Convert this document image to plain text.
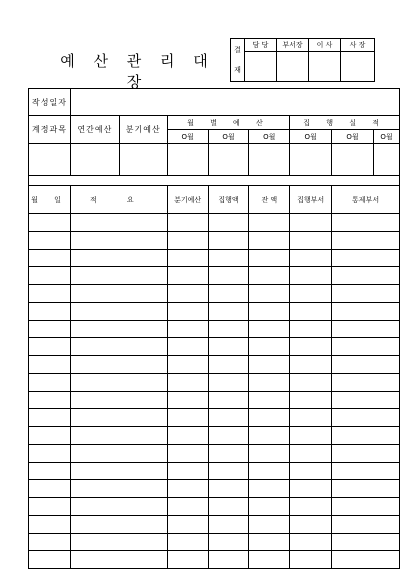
예 산 관 리 대 장
결
재	담 당	부서장	이 사	사 장

작성일자								
계정과목	연간예산	분기예산	월 별 예 산			집 행 실 적		
			O월	O월	O월	O월	O월	O월

월 일	적 요		분기예산	집행액	잔 액	집행부서	통제부서	
